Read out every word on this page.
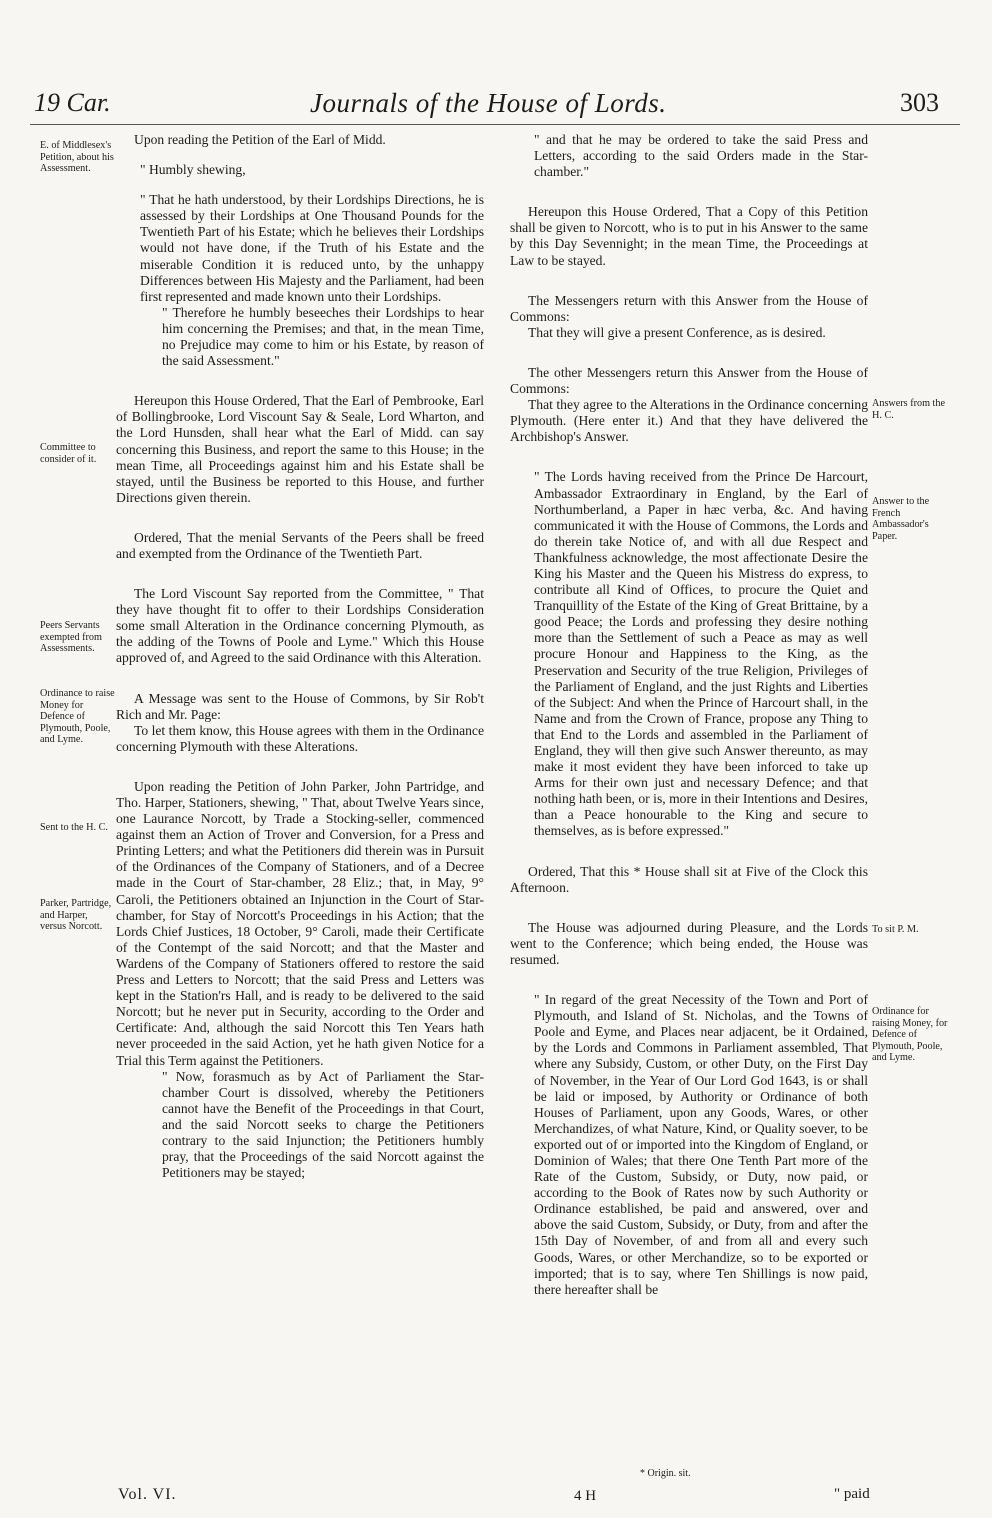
19 Car.	Journals of the House of Lords.	303
E. of Middlesex's Petition, about his Assessment.
Committee to consider of it.
Peers Servants exempted from Assessments.
Ordinance to raise Money for Defence of Plymouth, Poole, and Lyme.
Sent to the H. C.
Parker, Partridge, and Harper, versus Norcott.
Answers from the H. C.
Answer to the French Ambassador's Paper.
To sit P. M.
Ordinance for raising Money, for Defence of Plymouth, Poole, and Lyme.

Upon reading the Petition of the Earl of Midd.

" Humbly shewing,

" That he hath understood, by their Lordships Directions, he is assessed by their Lordships at One Thousand Pounds for the Twentieth Part of his Estate; which he believes their Lordships would not have done, if the Truth of his Estate and the miserable Condition it is reduced unto, by the unhappy Differences between His Majesty and the Parliament, had been first represented and made known unto their Lordships.

" Therefore he humbly beseeches their Lordships to hear him concerning the Premises; and that, in the mean Time, no Prejudice may come to him or his Estate, by reason of the said Assessment."

Hereupon this House Ordered, That the Earl of Pembrooke, Earl of Bollingbrooke, Lord Viscount Say & Seale, Lord Wharton, and the Lord Hunsden, shall hear what the Earl of Midd. can say concerning this Business, and report the same to this House; in the mean Time, all Proceedings against him and his Estate shall be stayed, until the Business be reported to this House, and further Directions given therein.

Ordered, That the menial Servants of the Peers shall be freed and exempted from the Ordinance of the Twentieth Part.

The Lord Viscount Say reported from the Committee, " That they have thought fit to offer to their Lordships Consideration some small Alteration in the Ordinance concerning Plymouth, as the adding of the Towns of Poole and Lyme." Which this House approved of, and Agreed to the said Ordinance with this Alteration.

A Message was sent to the House of Commons, by Sir Rob't Rich and Mr. Page:

To let them know, this House agrees with them in the Ordinance concerning Plymouth with these Alterations.

Upon reading the Petition of John Parker, John Partridge, and Tho. Harper, Stationers, shewing, " That, about Twelve Years since, one Laurance Norcott, by Trade a Stocking-seller, commenced against them an Action of Trover and Conversion, for a Press and Printing Letters; and what the Petitioners did therein was in Pursuit of the Ordinances of the Company of Stationers, and of a Decree made in the Court of Star-chamber, 28 Eliz.; that, in May, 9° Caroli, the Petitioners obtained an Injunction in the Court of Star-chamber, for Stay of Norcott's Proceedings in his Action; that the Lords Chief Justices, 18 October, 9° Caroli, made their Certificate of the Contempt of the said Norcott; and that the Master and Wardens of the Company of Stationers offered to restore the said Press and Letters to Norcott; that the said Press and Letters was kept in the Station'rs Hall, and is ready to be delivered to the said Norcott; but he never put in Security, according to the Order and Certificate: And, although the said Norcott this Ten Years hath never proceeded in the said Action, yet he hath given Notice for a Trial this Term against the Petitioners.

" Now, forasmuch as by Act of Parliament the Star-chamber Court is dissolved, whereby the Petitioners cannot have the Benefit of the Proceedings in that Court, and the said Norcott seeks to charge the Petitioners contrary to the said Injunction; the Petitioners humbly pray, that the Proceedings of the said Norcott against the Petitioners may be stayed;

" and that he may be ordered to take the said Press and Letters, according to the said Orders made in the Star-chamber."

Hereupon this House Ordered, That a Copy of this Petition shall be given to Norcott, who is to put in his Answer to the same by this Day Sevennight; in the mean Time, the Proceedings at Law to be stayed.

The Messengers return with this Answer from the House of Commons:

That they will give a present Conference, as is desired.

The other Messengers return this Answer from the House of Commons:

That they agree to the Alterations in the Ordinance concerning Plymouth. (Here enter it.) And that they have delivered the Archbishop's Answer.

" The Lords having received from the Prince De Harcourt, Ambassador Extraordinary in England, by the Earl of Northumberland, a Paper in hæc verba, &c. And having communicated it with the House of Commons, the Lords and do therein take Notice of, and with all due Respect and Thankfulness acknowledge, the most affectionate Desire the King his Master and the Queen his Mistress do express, to contribute all Kind of Offices, to procure the Quiet and Tranquillity of the Estate of the King of Great Brittaine, by a good Peace; the Lords and professing they desire nothing more than the Settlement of such a Peace as may as well procure Honour and Happiness to the King, as the Preservation and Security of the true Religion, Privileges of the Parliament of England, and the just Rights and Liberties of the Subject: And when the Prince of Harcourt shall, in the Name and from the Crown of France, propose any Thing to that End to the Lords and assembled in the Parliament of England, they will then give such Answer thereunto, as may make it most evident they have been inforced to take up Arms for their own just and necessary Defence; and that nothing hath been, or is, more in their Intentions and Desires, than a Peace honourable to the King and secure to themselves, as is before expressed."

Ordered, That this * House shall sit at Five of the Clock this Afternoon.

The House was adjourned during Pleasure, and the Lords went to the Conference; which being ended, the House was resumed.

" In regard of the great Necessity of the Town and Port of Plymouth, and Island of St. Nicholas, and the Towns of Poole and Eyme, and Places near adjacent, be it Ordained, by the Lords and Commons in Parliament assembled, That where any Subsidy, Custom, or other Duty, on the First Day of November, in the Year of Our Lord God 1643, is or shall be laid or imposed, by Authority or Ordinance of both Houses of Parliament, upon any Goods, Wares, or other Merchandizes, of what Nature, Kind, or Quality soever, to be exported out of or imported into the Kingdom of England, or Dominion of Wales; that there One Tenth Part more of the Rate of the Custom, Subsidy, or Duty, now paid, or according to the Book of Rates now by such Authority or Ordinance established, be paid and answered, over and above the said Custom, Subsidy, or Duty, from and after the 15th Day of November, of and from all and every such Goods, Wares, or other Merchandize, so to be exported or imported; that is to say, where Ten Shillings is now paid, there hereafter shall be

Vol. VI.
* Origin. sit.
4 H	" paid
